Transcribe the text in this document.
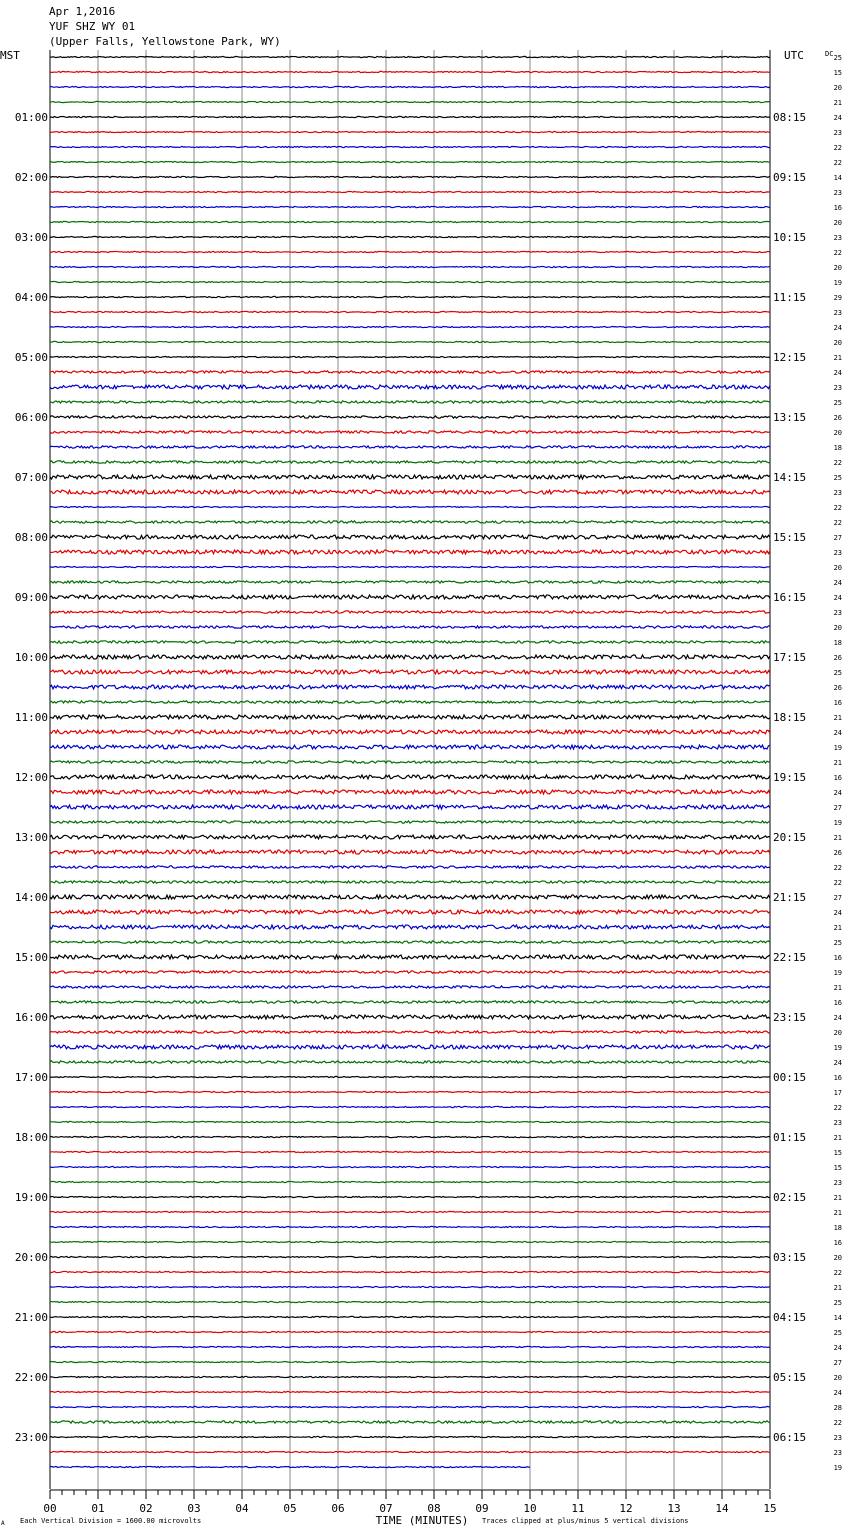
Apr 1,2016
YUF SHZ WY 01
(Upper Falls, Yellowstone Park, WY)
MST	UTC	25
15
20
21
24
23
22
22
14
23
16
20
23
22
20
19
29
23
24
20
21
24
23
25
26
20
18
22
25
23
22
22
27
23
20
24
24
23
20
18
26
25
26
16
21
24
19
21
16
24
27
19
21
26
22
22
27
24
21
25
16
19
21
16
24
20
19
24
16
17
22
23
21
15
15
23
21
21
18
16
20
22
21
25
14
25
24
27
20
24
28
22
23
23
19
DC
01:00
02:00
03:00
04:00
05:00
06:00
07:00
08:00
09:00
10:00
11:00
12:00
13:00
14:00
15:00
16:00
17:00
18:00
19:00
20:00
21:00
22:00
23:00
08:15
09:15
10:15
11:15
12:15
13:15
14:15
15:15
16:15
17:15
18:15
19:15
20:15
21:15
22:15
23:15
00:15
01:15
02:15
03:15
04:15
05:15
06:15
00	01	02	03	04	05	06	07	08	09	10	11	12	13	14	15
TIME (MINUTES)
Each Vertical Division = 1600.00 microvolts	Traces clipped at plus/minus 5 vertical divisions
A
